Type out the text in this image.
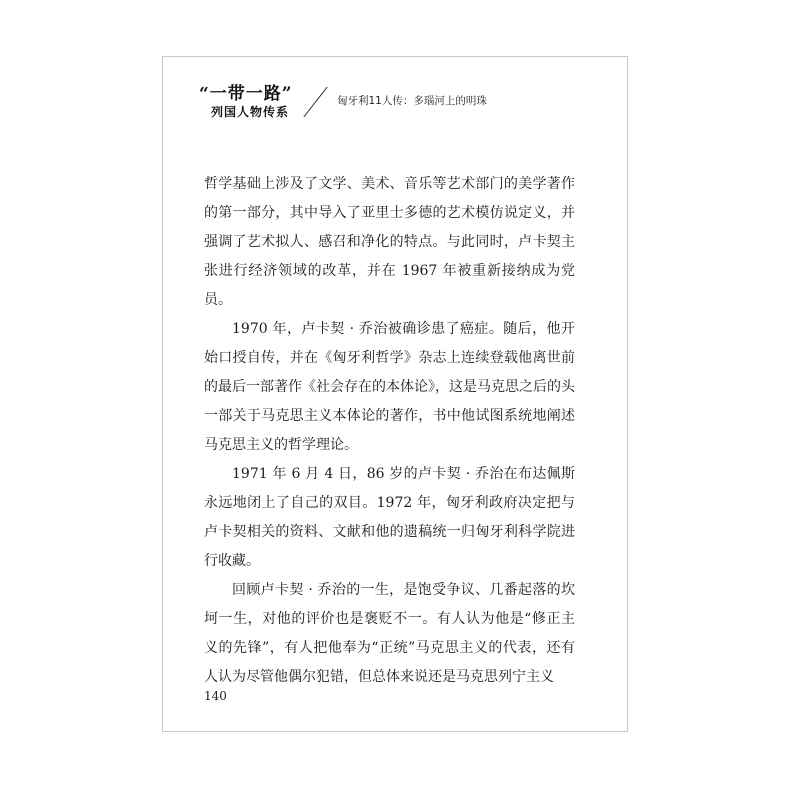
“一带一路”
列国人物传系
匈牙利11人传：多瑙河上的明珠

哲学基础上涉及了文学、美术、音乐等艺术部门的美学著作的第一部分，其中导入了亚里士多德的艺术模仿说定义，并强调了艺术拟人、感召和净化的特点。与此同时，卢卡契主张进行经济领域的改革，并在 1967 年被重新接纳成为党员。

1970 年，卢卡契 · 乔治被确诊患了癌症。随后，他开始口授自传，并在《匈牙利哲学》杂志上连续登载他离世前的最后一部著作《社会存在的本体论》，这是马克思之后的头一部关于马克思主义本体论的著作，书中他试图系统地阐述马克思主义的哲学理论。

1971 年 6 月 4 日，86 岁的卢卡契 · 乔治在布达佩斯永远地闭上了自己的双目。1972 年，匈牙利政府决定把与卢卡契相关的资料、文献和他的遗稿统一归匈牙利科学院进行收藏。

回顾卢卡契 · 乔治的一生，是饱受争议、几番起落的坎坷一生，对他的评价也是褒贬不一。有人认为他是“修正主义的先锋”，有人把他奉为“正统”马克思主义的代表，还有人认为尽管他偶尔犯错，但总体来说还是马克思列宁主义

140
